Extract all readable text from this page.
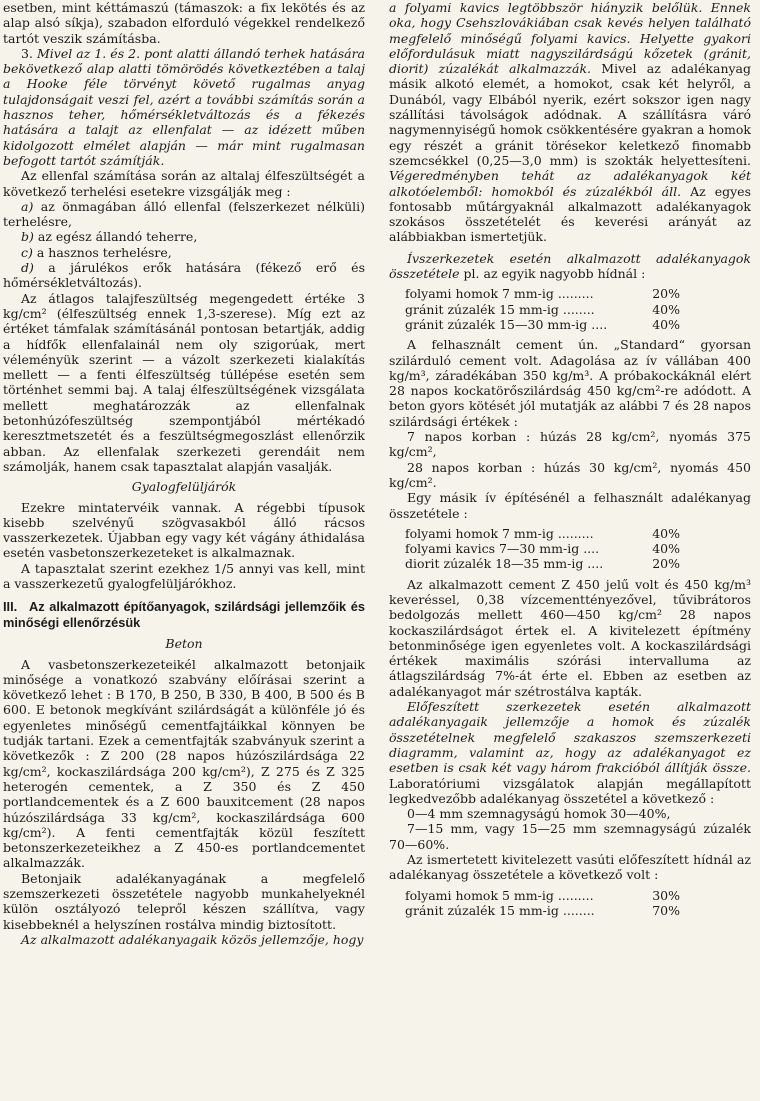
esetben, mint kéttámaszú (támaszok: a fix lekötés és az alap alsó síkja), szabadon elforduló végekkel rendelkező tartót veszik számításba.

3. Mivel az 1. és 2. pont alatti állandó terhek hatására bekövetkező alap alatti tömörödés következtében a talaj a Hooke féle törvényt követő rugalmas anyag tulajdonságait veszi fel, azért a további számítás során a hasznos teher, hőmérsékletváltozás és a fékezés hatására a talajt az ellenfalat — az idézett műben kidolgozott elmélet alapján — már mint rugalmasan befogott tartót számítják.

Az ellenfal számítása során az altalaj élfeszültségét a következő terhelési esetekre vizsgálják meg :

a) az önmagában álló ellenfal (felszerkezet nélküli) terhelésre,

b) az egész állandó teherre,

c) a hasznos terhelésre,

d) a járulékos erők hatására (fékező erő és hőmérsékletváltozás).

Az átlagos talajfeszültség megengedett értéke 3 kg/cm² (élfeszültség ennek 1,3-szerese). Míg ezt az értéket támfalak számításánál pontosan betartják, addig a hídfők ellenfalainál nem oly szigorúak, mert véleményük szerint — a vázolt szerkezeti kialakítás mellett — a fenti élfeszültség túllépése esetén sem történhet semmi baj. A talaj élfeszültségének vizsgálata mellett meghatározzák az ellenfalnak betonhúzófeszültség szempontjából mértékadó keresztmetszetét és a feszültségmegoszlást ellenőrzik abban. Az ellenfalak szerkezeti gerendáit nem számolják, hanem csak tapasztalat alapján vasalják.

Gyalogfelüljárók

Ezekre mintatervéik vannak. A régebbi típusok kisebb szelvényű szögvasakból álló rácsos vasszerkezetek. Újabban egy vagy két vágány áthidalása esetén vasbetonszerkezeteket is alkalmaznak.

A tapasztalat szerint ezekhez 1/5 annyi vas kell, mint a vasszerkezetű gyalogfelüljárókhoz.

III. Az alkalmazott építőanyagok, szilárdsági jellemzőik és minőségi ellenőrzésük

Beton

A vasbetonszerkezeteikél alkalmazott betonjaik minősége a vonatkozó szabvány előírásai szerint a következő lehet : B 170, B 250, B 330, B 400, B 500 és B 600. E betonok megkívánt szilárdságát a különféle jó és egyenletes minőségű cementfajtáikkal könnyen be tudják tartani. Ezek a cementfajták szabványuk szerint a következők : Z 200 (28 napos húzószilárdsága 22 kg/cm², kockaszilárdsága 200 kg/cm²), Z 275 és Z 325 heterogén cementek, a Z 350 és Z 450 portlandcementek és a Z 600 bauxitcement (28 napos húzószilárdsága 33 kg/cm², kockaszilárdsága 600 kg/cm²). A fenti cementfajták közül feszített betonszerkezeteikhez a Z 450-es portlandcementet alkalmazzák.

Betonjaik adalékanyagának a megfelelő szemszerkezeti összetétele nagyobb munkahelyeknél külön osztályozó telepről készen szállítva, vagy kisebbeknél a helyszínen rostálva mindig biztosított.

Az alkalmazott adalékanyagaik közös jellemzője, hogy

a folyami kavics legtöbbször hiányzik belőlük. Ennek oka, hogy Csehszlovákiában csak kevés helyen található megfelelő minőségű folyami kavics. Helyette gyakori előfordulásuk miatt nagyszilárdságú kőzetek (gránit, diorit) zúzalékát alkalmazzák. Mivel az adalékanyag másik alkotó elemét, a homokot, csak két helyről, a Dunából, vagy Elbából nyerik, ezért sokszor igen nagy szállítási távolságok adódnak. A szállításra váró nagymennyiségű homok csökkentésére gyakran a homok egy részét a gránit törésekor keletkező finomabb szemcsékkel (0,25—3,0 mm) is szokták helyettesíteni. Végeredményben tehát az adalékanyagok két alkotóelemből: homokból és zúzalékból áll. Az egyes fontosabb műtárgyaknál alkalmazott adalékanyagok szokásos összetételét és keverési arányát az alábbiakban ismertetjük.

Ívszerkezetek esetén alkalmazott adalékanyagok összetétele pl. az egyik nagyobb hídnál :

folyami homok 7 mm-ig .........	20%
gránit zúzalék 15 mm-ig ........	40%
gránit zúzalék 15—30 mm-ig ....	40%

A felhasznált cement ún. „Standard“ gyorsan szilárduló cement volt. Adagolása az ív vállában 400 kg/m³, záradékában 350 kg/m³. A próbakockáknál elért 28 napos kockatörőszilárdság 450 kg/cm²-re adódott. A beton gyors kötését jól mutatják az alábbi 7 és 28 napos szilárdsági értékek :

7 napos korban : húzás 28 kg/cm², nyomás 375 kg/cm²,

28 napos korban : húzás 30 kg/cm², nyomás 450 kg/cm².

Egy másik ív építésénél a felhasznált adalékanyag összetétele :

folyami homok 7 mm-ig .........	40%
folyami kavics 7—30 mm-ig ....	40%
diorit zúzalék 18—35 mm-ig ....	20%

Az alkalmazott cement Z 450 jelű volt és 450 kg/m³ keveréssel, 0,38 vízcementtényezővel, tűvibrátoros bedolgozás mellett 460—450 kg/cm² 28 napos kockaszilárdságot értek el. A kivitelezett építmény betonminősége igen egyenletes volt. A kockaszilárdsági értékek maximális szórási intervalluma az átlagszilárdság 7%-át érte el. Ebben az esetben az adalékanyagot már szétrostálva kapták.

Előfeszített szerkezetek esetén alkalmazott adalékanyagaik jellemzője a homok és zúzalék összetételnek megfelelő szakaszos szemszerkezeti diagramm, valamint az, hogy az adalékanyagot ez esetben is csak két vagy három frakcióból állítják össze. Laboratóriumi vizsgálatok alapján megállapított legkedvezőbb adalékanyag összetétel a következő :

0—4 mm szemnagyságú homok 30—40%,

7—15 mm, vagy 15—25 mm szemnagyságú zúzalék 70—60%.

Az ismertetett kivitelezett vasúti előfeszített hídnál az adalékanyag összetétele a következő volt :

folyami homok 5 mm-ig .........	30%
gránit zúzalék 15 mm-ig ........	70%
